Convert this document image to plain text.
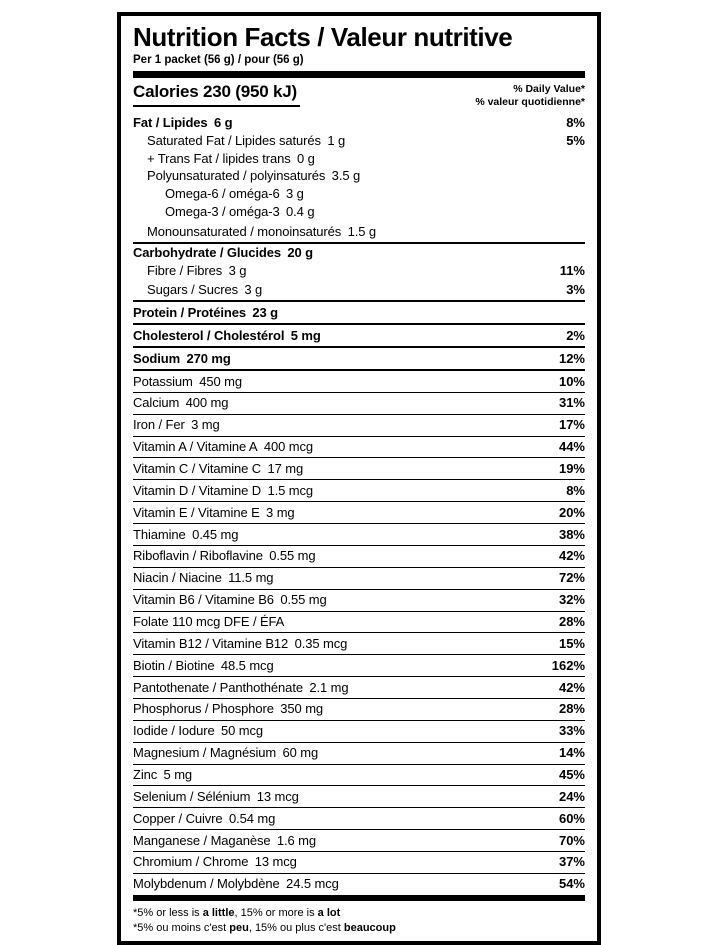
Nutrition Facts / Valeur nutritive
Per 1 packet (56 g) / pour (56 g)
Calories 230 (950 kJ)	% Daily Value*
% valeur quotidienne*
Fat / Lipides 6 g	8%
Saturated Fat / Lipides saturés 1 g	5%
+ Trans Fat / lipides trans 0 g
Polyunsaturated / polyinsaturés 3.5 g
Omega-6 / oméga-6 3 g
Omega-3 / oméga-3 0.4 g
Monounsaturated / monoinsaturés 1.5 g
Carbohydrate / Glucides 20 g
Fibre / Fibres 3 g	11%
Sugars / Sucres 3 g	3%
Protein / Protéines 23 g
Cholesterol / Cholestérol 5 mg	2%
Sodium 270 mg	12%
Potassium 450 mg	10%
Calcium 400 mg	31%
Iron / Fer 3 mg	17%
Vitamin A / Vitamine A 400 mcg	44%
Vitamin C / Vitamine C 17 mg	19%
Vitamin D / Vitamine D 1.5 mcg	8%
Vitamin E / Vitamine E 3 mg	20%
Thiamine 0.45 mg	38%
Riboflavin / Riboflavine 0.55 mg	42%
Niacin / Niacine 11.5 mg	72%
Vitamin B6 / Vitamine B6 0.55 mg	32%
Folate 110 mcg DFE / ÉFA	28%
Vitamin B12 / Vitamine B12 0.35 mcg	15%
Biotin / Biotine 48.5 mcg	162%
Pantothenate / Panthothénate 2.1 mg	42%
Phosphorus / Phosphore 350 mg	28%
Iodide / Iodure 50 mcg	33%
Magnesium / Magnésium 60 mg	14%
Zinc 5 mg	45%
Selenium / Sélénium 13 mcg	24%
Copper / Cuivre 0.54 mg	60%
Manganese / Maganèse 1.6 mg	70%
Chromium / Chrome 13 mcg	37%
Molybdenum / Molybdène 24.5 mcg	54%
*5% or less is a little, 15% or more is a lot
*5% ou moins c'est peu, 15% ou plus c'est beaucoup
